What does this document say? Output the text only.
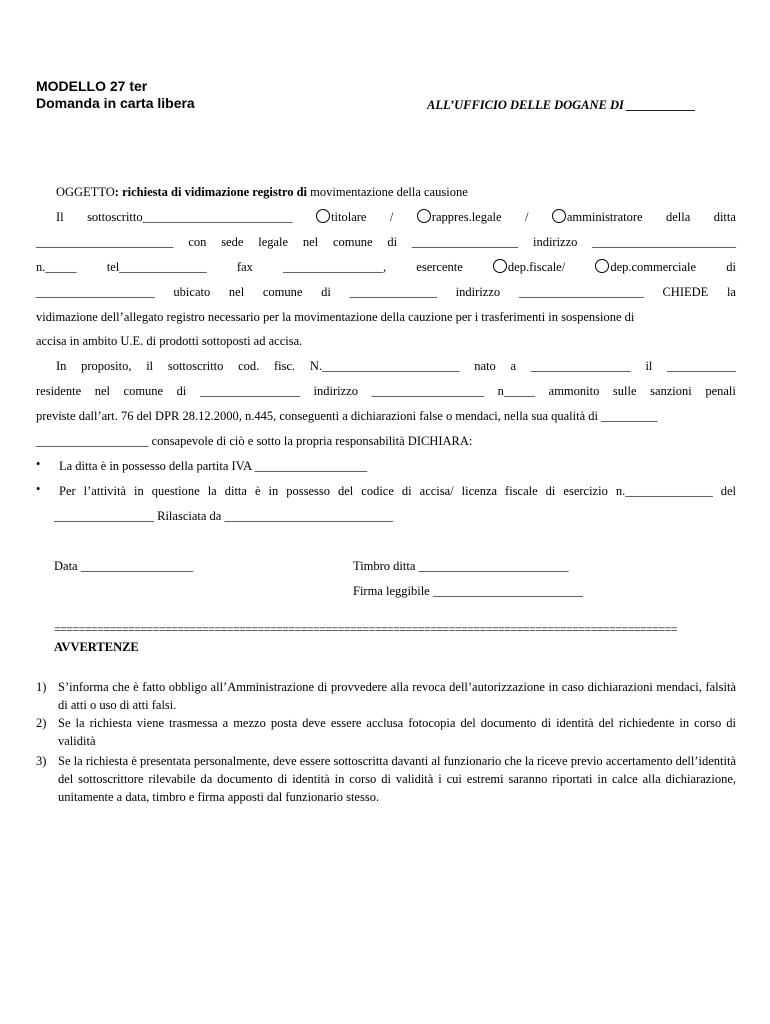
MODELLO 27 ter
Domanda in carta libera	ALL’UFFICIO DELLE DOGANE DI ___________
OGGETTO: richiesta di vidimazione registro di movimentazione della causione
Il sottoscritto________________________	titolare /	rappres.legale /	amministratore della ditta
______________________ con sede legale nel comune di _________________ indirizzo _______________________
n._____ tel______________ fax ________________, esercente	dep.fiscale/	dep.commerciale di
___________________ ubicato nel comune di ______________ indirizzo ____________________ CHIEDE la
vidimazione dell’allegato registro necessario per la movimentazione della cauzione per i trasferimenti in sospensione di
accisa in ambito U.E. di prodotti sottoposti ad accisa.
In proposito, il sottoscritto cod. fisc. N.______________________ nato a ________________ il ___________
residente nel comune di ________________ indirizzo __________________ n_____ ammonito sulle sanzioni penali
previste dall’art. 76 del DPR 28.12.2000, n.445, conseguenti a dichiarazioni false o mendaci, nella sua qualità di _________
__________________ consapevole di ciò e sotto la propria responsabilità DICHIARA:
• La ditta è in possesso della partita IVA __________________
• Per l’attività in questione la ditta è in possesso del codice di accisa/ licenza fiscale di esercizio n.______________ del
________________ Rilasciata da ___________________________
Data __________________	Timbro ditta ________________________
Firma leggibile ________________________
=====================================================================================================
AVVERTENZE
1) S’informa che è fatto obbligo all’Amministrazione di provvedere alla revoca dell’autorizzazione in caso dichiarazioni mendaci, falsità di atti o uso di atti falsi.
2) Se la richiesta viene trasmessa a mezzo posta deve essere acclusa fotocopia del documento di identità del richiedente in corso di validità
3) Se la richiesta è presentata personalmente, deve essere sottoscritta davanti al funzionario che la riceve previo accertamento dell’identità del sottoscrittore rilevabile da documento di identità in corso di validità i cui estremi saranno riportati in calce alla dichiarazione, unitamente a data, timbro e firma apposti dal funzionario stesso.
